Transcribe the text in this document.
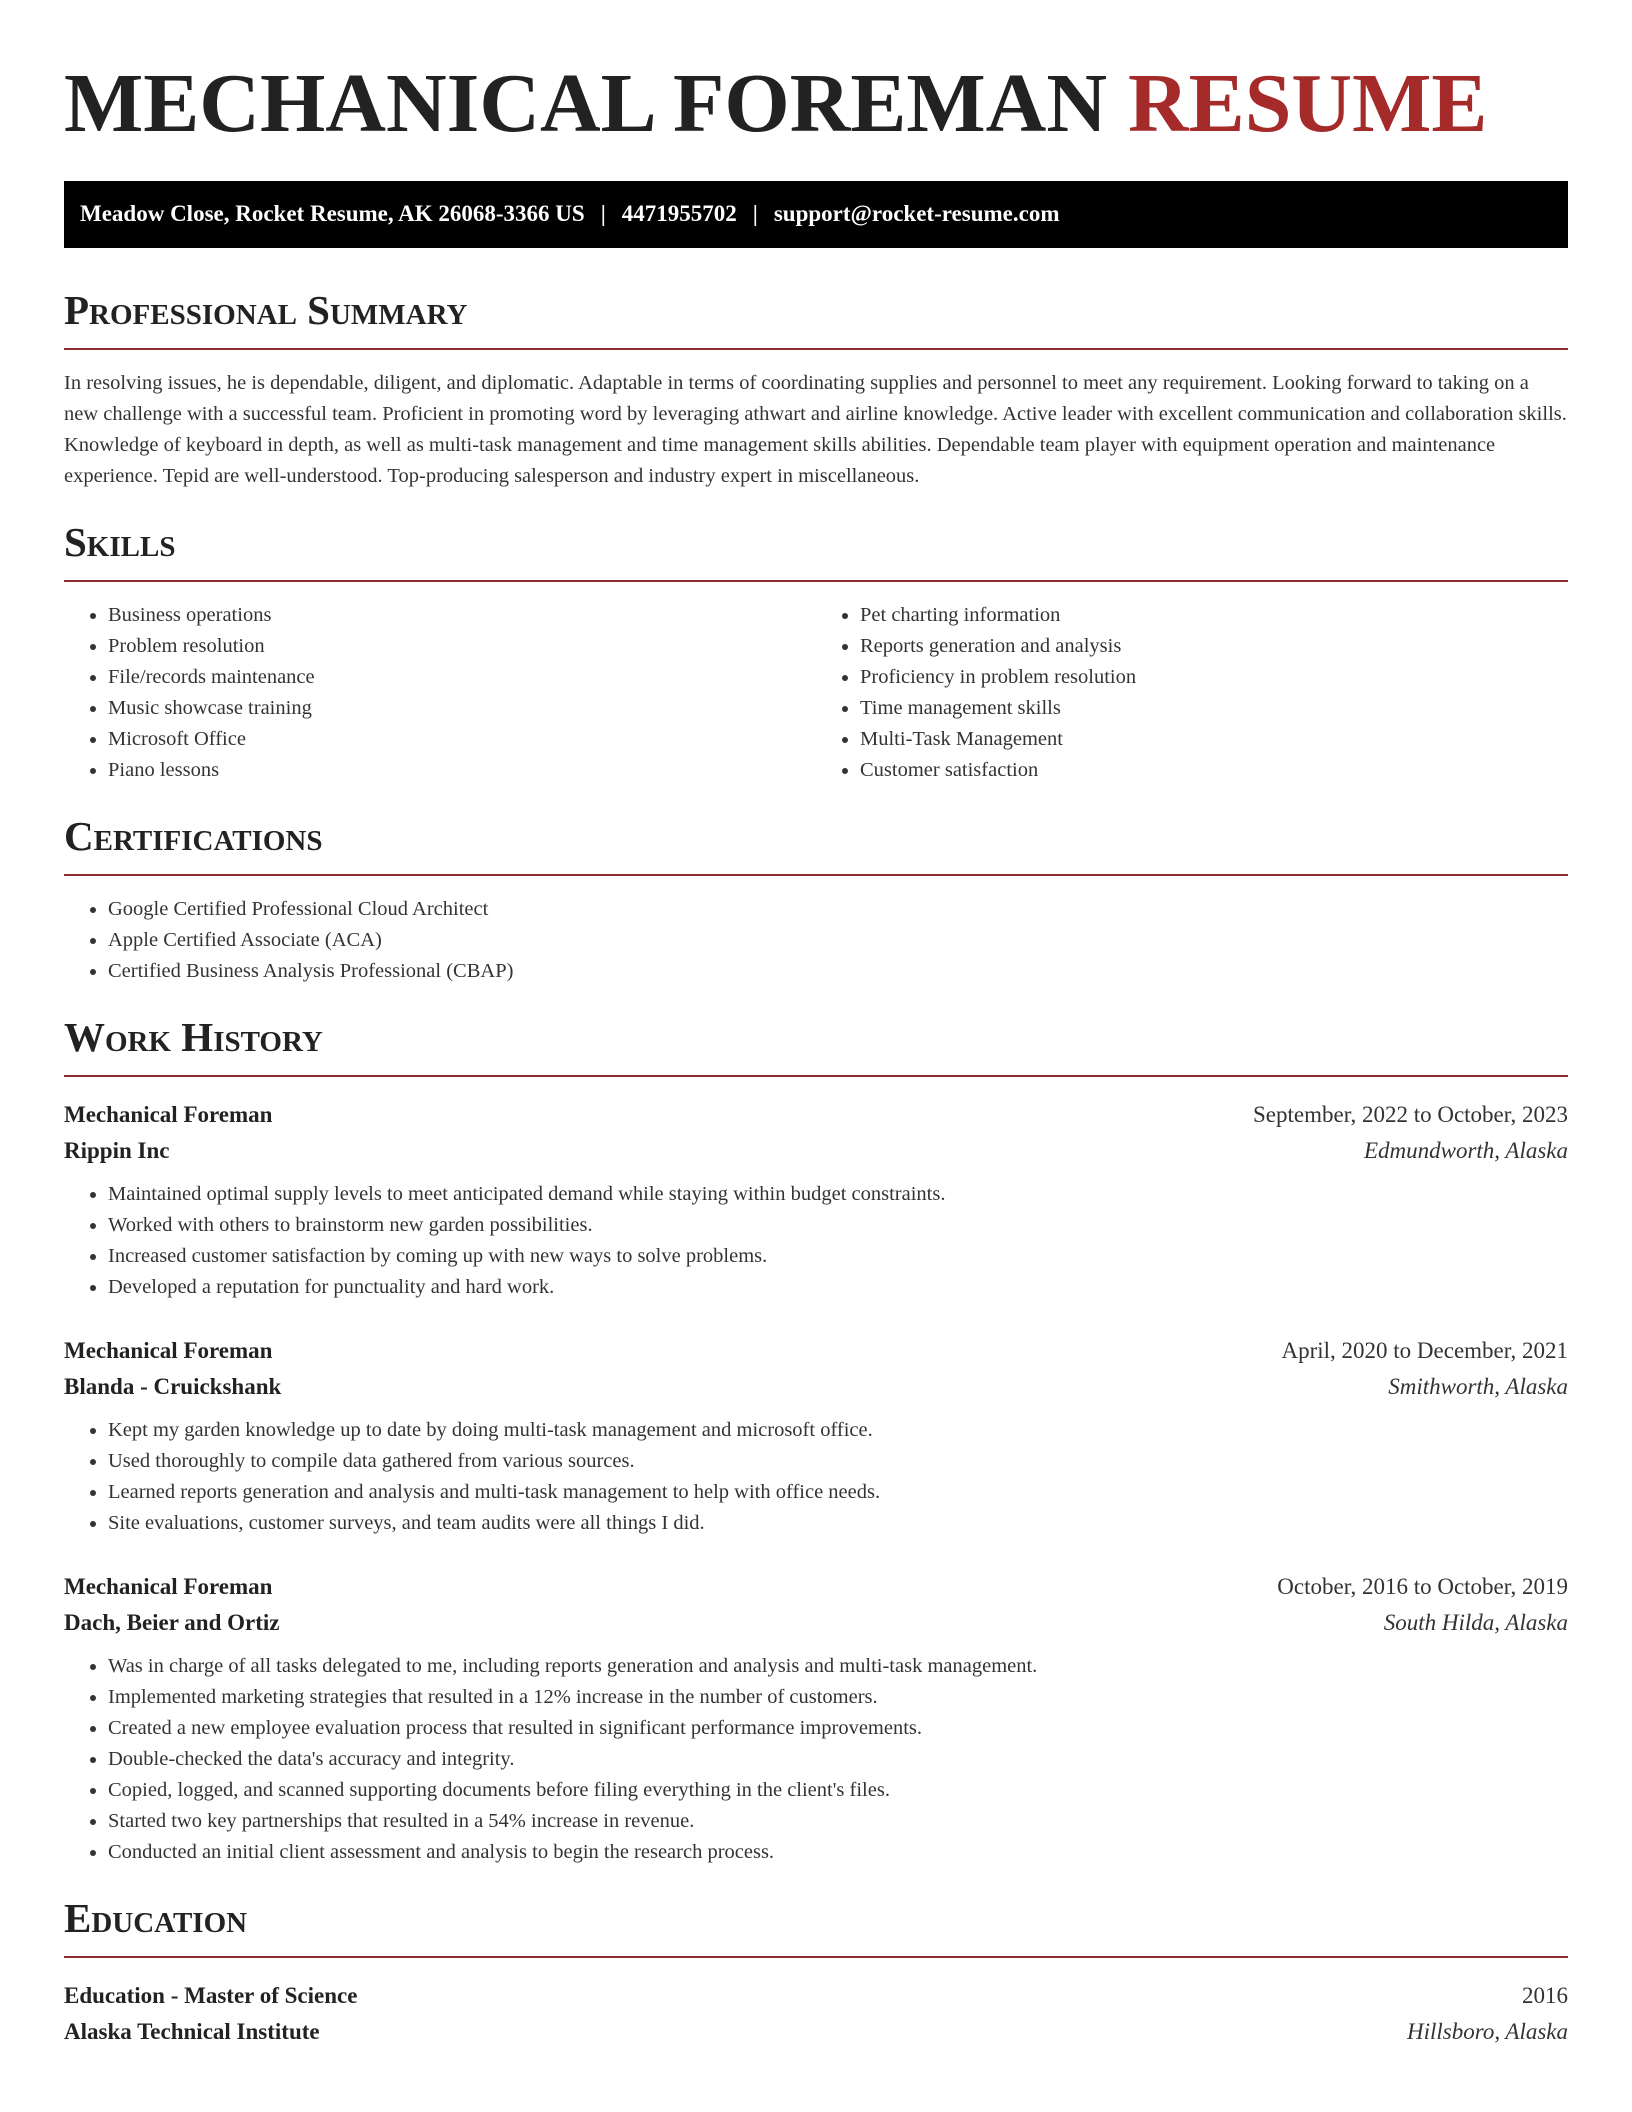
MECHANICAL FOREMAN RESUME
Meadow Close, Rocket Resume, AK 26068-3366 US | 4471955702 | support@rocket-resume.com
Professional Summary

In resolving issues, he is dependable, diligent, and diplomatic. Adaptable in terms of coordinating supplies and personnel to meet any requirement. Looking forward to taking on a new challenge with a successful team. Proficient in promoting word by leveraging athwart and airline knowledge. Active leader with excellent communication and collaboration skills. Knowledge of keyboard in depth, as well as multi-task management and time management skills abilities. Dependable team player with equipment operation and maintenance experience. Tepid are well-understood. Top-producing salesperson and industry expert in miscellaneous.

Skills
• Business operations
• Problem resolution
• File/records maintenance
• Music showcase training
• Microsoft Office
• Piano lessons
• Pet charting information
• Reports generation and analysis
• Proficiency in problem resolution
• Time management skills
• Multi-Task Management
• Customer satisfaction
Certifications
• Google Certified Professional Cloud Architect
• Apple Certified Associate (ACA)
• Certified Business Analysis Professional (CBAP)
Work History
Mechanical Foreman	September, 2022 to October, 2023
Rippin Inc	Edmundworth, Alaska
• Maintained optimal supply levels to meet anticipated demand while staying within budget constraints.
• Worked with others to brainstorm new garden possibilities.
• Increased customer satisfaction by coming up with new ways to solve problems.
• Developed a reputation for punctuality and hard work.
Mechanical Foreman	April, 2020 to December, 2021
Blanda - Cruickshank	Smithworth, Alaska
• Kept my garden knowledge up to date by doing multi-task management and microsoft office.
• Used thoroughly to compile data gathered from various sources.
• Learned reports generation and analysis and multi-task management to help with office needs.
• Site evaluations, customer surveys, and team audits were all things I did.
Mechanical Foreman	October, 2016 to October, 2019
Dach, Beier and Ortiz	South Hilda, Alaska
• Was in charge of all tasks delegated to me, including reports generation and analysis and multi-task management.
• Implemented marketing strategies that resulted in a 12% increase in the number of customers.
• Created a new employee evaluation process that resulted in significant performance improvements.
• Double-checked the data's accuracy and integrity.
• Copied, logged, and scanned supporting documents before filing everything in the client's files.
• Started two key partnerships that resulted in a 54% increase in revenue.
• Conducted an initial client assessment and analysis to begin the research process.
Education
Education - Master of Science	2016
Alaska Technical Institute	Hillsboro, Alaska
